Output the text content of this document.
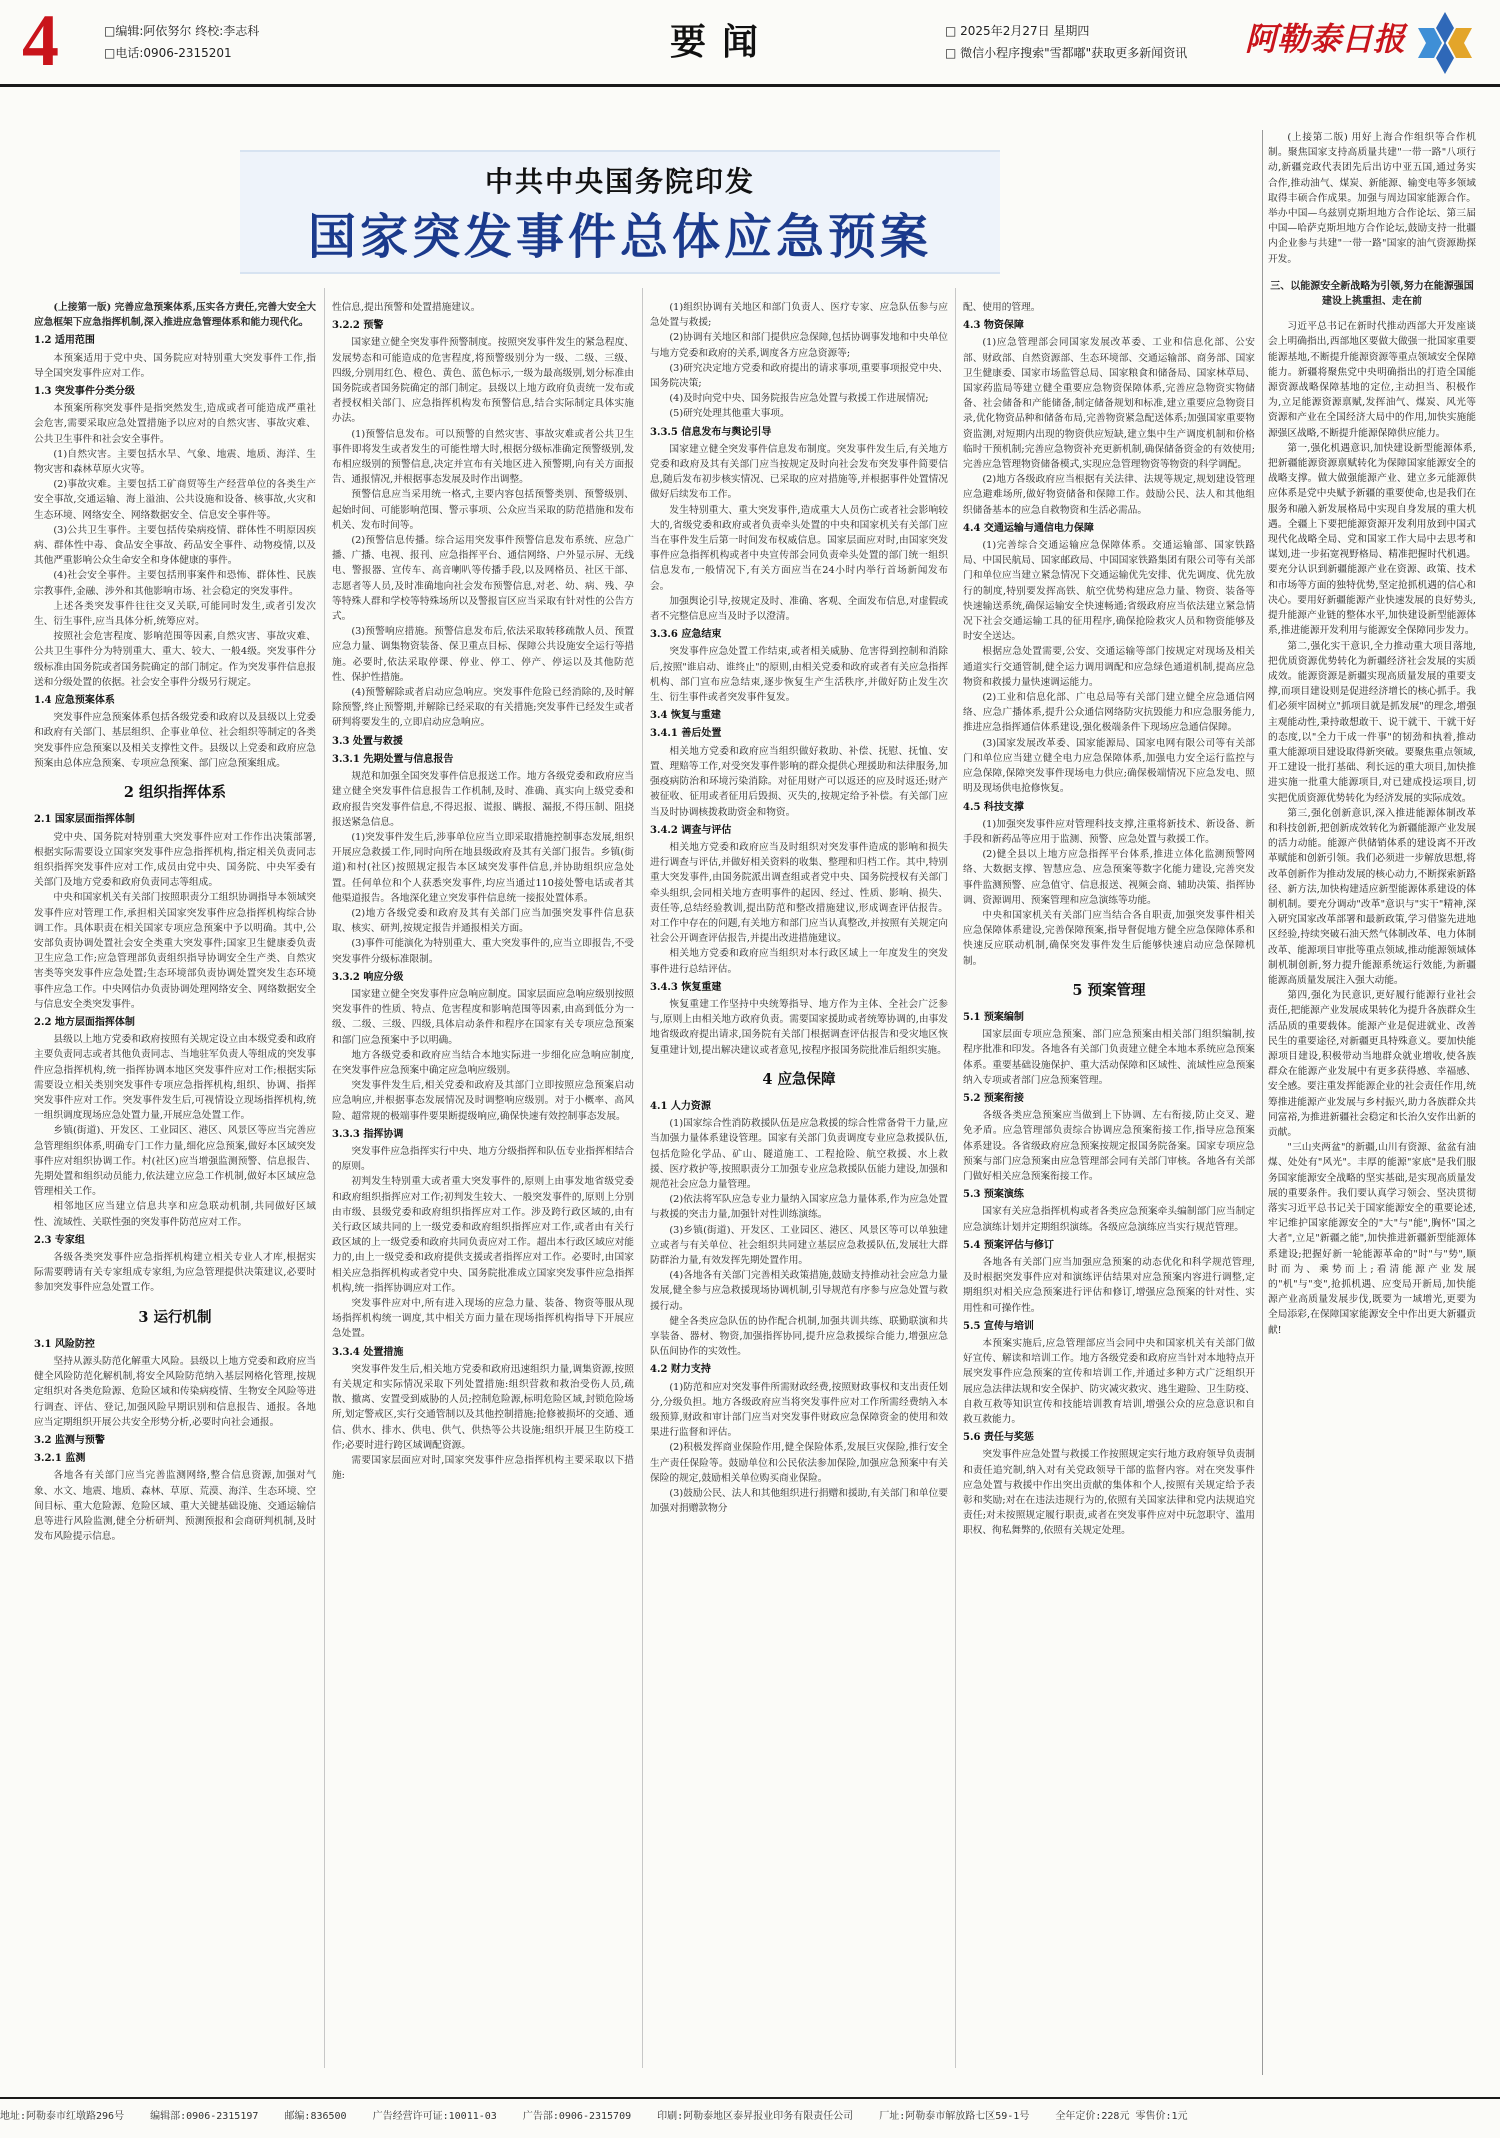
4	□编辑:阿依努尔 终校:李志科
□电话:0906-2315201	要闻	□ 2025年2月27日 星期四
□ 微信小程序搜索"雪都嘟"获取更多新闻资讯 阿勒泰日报
中共中央国务院印发
国家突发事件总体应急预案

(上接第一版) 完善应急预案体系,压实各方责任,完善大安全大应急框架下应急指挥机制,深入推进应急管理体系和能力现代化。

1.2 适用范围

本预案适用于党中央、国务院应对特别重大突发事件工作,指导全国突发事件应对工作。

1.3 突发事件分类分级

本预案所称突发事件是指突然发生,造成或者可能造成严重社会危害,需要采取应急处置措施予以应对的自然灾害、事故灾难、公共卫生事件和社会安全事件。

(1)自然灾害。主要包括水旱、气象、地震、地质、海洋、生物灾害和森林草原火灾等。

(2)事故灾难。主要包括工矿商贸等生产经营单位的各类生产安全事故,交通运输、海上溢油、公共设施和设备、核事故,火灾和生态环境、网络安全、网络数据安全、信息安全事件等。

(3)公共卫生事件。主要包括传染病疫情、群体性不明原因疾病、群体性中毒、食品安全事故、药品安全事件、动物疫情,以及其他严重影响公众生命安全和身体健康的事件。

(4)社会安全事件。主要包括刑事案件和恐怖、群体性、民族宗教事件,金融、涉外和其他影响市场、社会稳定的突发事件。

上述各类突发事件往往交叉关联,可能同时发生,或者引发次生、衍生事件,应当具体分析,统筹应对。

按照社会危害程度、影响范围等因素,自然灾害、事故灾难、公共卫生事件分为特别重大、重大、较大、一般4级。突发事件分级标准由国务院或者国务院确定的部门制定。作为突发事件信息报送和分级处置的依据。社会安全事件分级另行规定。

1.4 应急预案体系

突发事件应急预案体系包括各级党委和政府以及县级以上党委和政府有关部门、基层组织、企事业单位、社会组织等制定的各类突发事件应急预案以及相关支撑性文件。县级以上党委和政府应急预案由总体应急预案、专项应急预案、部门应急预案组成。

2 组织指挥体系
2.1 国家层面指挥体制

党中央、国务院对特别重大突发事件应对工作作出决策部署,根据实际需要设立国家突发事件应急指挥机构,指定相关负责同志组织指挥突发事件应对工作,成员由党中央、国务院、中央军委有关部门及地方党委和政府负责同志等组成。

中央和国家机关有关部门按照职责分工组织协调指导本领域突发事件应对管理工作,承担相关国家突发事件应急指挥机构综合协调工作。具体职责在相关国家专项应急预案中予以明确。其中,公安部负责协调处置社会安全类重大突发事件;国家卫生健康委负责卫生应急工作;应急管理部负责组织指导协调安全生产类、自然灾害类等突发事件应急处置;生态环境部负责协调处置突发生态环境事件应急工作。中央网信办负责协调处理网络安全、网络数据安全与信息安全类突发事件。

2.2 地方层面指挥体制

县级以上地方党委和政府按照有关规定设立由本级党委和政府主要负责同志或者其他负责同志、当地驻军负责人等组成的突发事件应急指挥机构,统一指挥协调本地区突发事件应对工作;根据实际需要设立相关类别突发事件专项应急指挥机构,组织、协调、指挥突发事件应对工作。突发事件发生后,可视情设立现场指挥机构,统一组织调度现场应急处置力量,开展应急处置工作。

乡镇(街道)、开发区、工业园区、港区、风景区等应当完善应急管理组织体系,明确专门工作力量,细化应急预案,做好本区域突发事件应对组织协调工作。村(社区)应当增强监测预警、信息报告、先期处置和组织动员能力,依法建立应急工作机制,做好本区域应急管理相关工作。

相邻地区应当建立信息共享和应急联动机制,共同做好区域性、流域性、关联性强的突发事件防范应对工作。

2.3 专家组

各级各类突发事件应急指挥机构建立相关专业人才库,根据实际需要聘请有关专家组成专家组,为应急管理提供决策建议,必要时参加突发事件应急处置工作。

3 运行机制
3.1 风险防控

坚持从源头防范化解重大风险。县级以上地方党委和政府应当健全风险防范化解机制,将安全风险防范纳入基层网格化管理,按规定组织对各类危险源、危险区域和传染病疫情、生物安全风险等进行调查、评估、登记,加强风险早期识别和信息报告、通报。各地应当定期组织开展公共安全形势分析,必要时向社会通报。

3.2 监测与预警
3.2.1 监测

各地各有关部门应当完善监测网络,整合信息资源,加强对气象、水文、地震、地质、森林、草原、荒漠、海洋、生态环境、空间目标、重大危险源、危险区域、重大关键基础设施、交通运输信息等进行风险监测,健全分析研判、预测预报和会商研判机制,及时发布风险提示信息。

性信息,提出预警和处置措施建议。

3.2.2 预警

国家建立健全突发事件预警制度。按照突发事件发生的紧急程度、发展势态和可能造成的危害程度,将预警级别分为一级、二级、三级、四级,分别用红色、橙色、黄色、蓝色标示,一级为最高级别,划分标准由国务院或者国务院确定的部门制定。县级以上地方政府负责统一发布或者授权相关部门、应急指挥机构发布预警信息,结合实际制定具体实施办法。

(1)预警信息发布。可以预警的自然灾害、事故灾难或者公共卫生事件即将发生或者发生的可能性增大时,根据分级标准确定预警级别,发布相应级别的预警信息,决定并宣布有关地区进入预警期,向有关方面报告、通报情况,并根据事态发展及时作出调整。

预警信息应当采用统一格式,主要内容包括预警类别、预警级别、起始时间、可能影响范围、警示事项、公众应当采取的防范措施和发布机关、发布时间等。

(2)预警信息传播。综合运用突发事件预警信息发布系统、应急广播、广播、电视、报刊、应急指挥平台、通信网络、户外显示屏、无线电、警报器、宣传车、高音喇叭等传播手段,以及网格员、社区干部、志愿者等人员,及时准确地向社会发布预警信息,对老、幼、病、残、孕等特殊人群和学校等特殊场所以及警报盲区应当采取有针对性的公告方式。

(3)预警响应措施。预警信息发布后,依法采取转移疏散人员、预置应急力量、调集物资装备、保卫重点目标、保障公共设施安全运行等措施。必要时,依法采取停课、停业、停工、停产、停运以及其他防范性、保护性措施。

(4)预警解除或者启动应急响应。突发事件危险已经消除的,及时解除预警,终止预警期,并解除已经采取的有关措施;突发事件已经发生或者研判将要发生的,立即启动应急响应。

3.3 处置与救援
3.3.1 先期处置与信息报告

规范和加强全国突发事件信息报送工作。地方各级党委和政府应当建立健全突发事件信息报告工作机制,及时、准确、真实向上级党委和政府报告突发事件信息,不得迟报、谎报、瞒报、漏报,不得压制、阻挠报送紧急信息。

(1)突发事件发生后,涉事单位应当立即采取措施控制事态发展,组织开展应急救援工作,同时向所在地县级政府及其有关部门报告。乡镇(街道)和村(社区)按照规定报告本区域突发事件信息,并协助组织应急处置。任何单位和个人获悉突发事件,均应当通过110接处警电话或者其他渠道报告。各地深化建立突发事件信息统一接报处置体系。

(2)地方各级党委和政府及其有关部门应当加强突发事件信息获取、核实、研判,按规定报告并通报相关方面。

(3)事件可能演化为特别重大、重大突发事件的,应当立即报告,不受突发事件分级标准限制。

3.3.2 响应分级

国家建立健全突发事件应急响应制度。国家层面应急响应级别按照突发事件的性质、特点、危害程度和影响范围等因素,由高到低分为一级、二级、三级、四级,具体启动条件和程序在国家有关专项应急预案和部门应急预案中予以明确。

地方各级党委和政府应当结合本地实际进一步细化应急响应制度,在突发事件应急预案中确定应急响应级别。

突发事件发生后,相关党委和政府及其部门立即按照应急预案启动应急响应,并根据事态发展情况及时调整响应级别。对于小概率、高风险、超常规的极端事件要果断提级响应,确保快速有效控制事态发展。

3.3.3 指挥协调

突发事件应急指挥实行中央、地方分级指挥和队伍专业指挥相结合的原则。

初判发生特别重大或者重大突发事件的,原则上由事发地省级党委和政府组织指挥应对工作;初判发生较大、一般突发事件的,原则上分别由市级、县级党委和政府组织指挥应对工作。涉及跨行政区域的,由有关行政区域共同的上一级党委和政府组织指挥应对工作,或者由有关行政区域的上一级党委和政府共同负责应对工作。超出本行政区域应对能力的,由上一级党委和政府提供支援或者指挥应对工作。必要时,由国家相关应急指挥机构或者党中央、国务院批准成立国家突发事件应急指挥机构,统一指挥协调应对工作。

突发事件应对中,所有进入现场的应急力量、装备、物资等服从现场指挥机构统一调度,其中相关方面力量在现场指挥机构指导下开展应急处置。

3.3.4 处置措施

突发事件发生后,相关地方党委和政府迅速组织力量,调集资源,按照有关规定和实际情况采取下列处置措施:组织营救和救治受伤人员,疏散、撤离、安置受到威胁的人员;控制危险源,标明危险区域,封锁危险场所,划定警戒区,实行交通管制以及其他控制措施;抢修被损坏的交通、通信、供水、排水、供电、供气、供热等公共设施;组织开展卫生防疫工作;必要时进行跨区域调配资源。

需要国家层面应对时,国家突发事件应急指挥机构主要采取以下措施:

(1)组织协调有关地区和部门负责人、医疗专家、应急队伍参与应急处置与救援;

(2)协调有关地区和部门提供应急保障,包括协调事发地和中央单位与地方党委和政府的关系,调度各方应急资源等;

(3)研究决定地方党委和政府提出的请求事项,重要事项报党中央、国务院决策;

(4)及时向党中央、国务院报告应急处置与救援工作进展情况;

(5)研究处理其他重大事项。

3.3.5 信息发布与舆论引导

国家建立健全突发事件信息发布制度。突发事件发生后,有关地方党委和政府及其有关部门应当按规定及时向社会发布突发事件简要信息,随后发布初步核实情况、已采取的应对措施等,并根据事件处置情况做好后续发布工作。

发生特别重大、重大突发事件,造成重大人员伤亡或者社会影响较大的,省级党委和政府或者负责牵头处置的中央和国家机关有关部门应当在事件发生后第一时间发布权威信息。国家层面应对时,由国家突发事件应急指挥机构或者中央宣传部会同负责牵头处置的部门统一组织信息发布,一般情况下,有关方面应当在24小时内举行首场新闻发布会。

加强舆论引导,按规定及时、准确、客观、全面发布信息,对虚假或者不完整信息应当及时予以澄清。

3.3.6 应急结束

突发事件应急处置工作结束,或者相关威胁、危害得到控制和消除后,按照"谁启动、谁终止"的原则,由相关党委和政府或者有关应急指挥机构、部门宣布应急结束,逐步恢复生产生活秩序,并做好防止发生次生、衍生事件或者突发事件复发。

3.4 恢复与重建
3.4.1 善后处置

相关地方党委和政府应当组织做好救助、补偿、抚慰、抚恤、安置、理赔等工作,对受突发事件影响的群众提供心理援助和法律服务,加强疫病防治和环境污染消除。对征用财产可以返还的应及时返还;财产被征收、征用或者征用后毁损、灭失的,按规定给予补偿。有关部门应当及时协调核拨救助资金和物资。

3.4.2 调查与评估

相关地方党委和政府应当及时组织对突发事件造成的影响和损失进行调查与评估,并做好相关资料的收集、整理和归档工作。其中,特别重大突发事件,由国务院派出调查组或者党中央、国务院授权有关部门牵头组织,会同相关地方查明事件的起因、经过、性质、影响、损失、责任等,总结经验教训,提出防范和整改措施建议,形成调查评估报告。对工作中存在的问题,有关地方和部门应当认真整改,并按照有关规定向社会公开调查评估报告,并提出改进措施建议。

相关地方党委和政府应当组织对本行政区域上一年度发生的突发事件进行总结评估。

3.4.3 恢复重建

恢复重建工作坚持中央统筹指导、地方作为主体、全社会广泛参与,原则上由相关地方政府负责。需要国家援助或者统筹协调的,由事发地省级政府提出请求,国务院有关部门根据调查评估报告和受灾地区恢复重建计划,提出解决建议或者意见,按程序报国务院批准后组织实施。

4 应急保障
4.1 人力资源

(1)国家综合性消防救援队伍是应急救援的综合性常备骨干力量,应当加强力量体系建设管理。国家有关部门负责调度专业应急救援队伍,包括危险化学品、矿山、隧道施工、工程抢险、航空救援、水上救援、医疗救护等,按照职责分工加强专业应急救援队伍能力建设,加强和规范社会应急力量管理。

(2)依法将军队应急专业力量纳入国家应急力量体系,作为应急处置与救援的突击力量,加强针对性训练演练。

(3)乡镇(街道)、开发区、工业园区、港区、风景区等可以单独建立或者与有关单位、社会组织共同建立基层应急救援队伍,发展壮大群防群治力量,有效发挥先期处置作用。

(4)各地各有关部门完善相关政策措施,鼓励支持推动社会应急力量发展,健全参与应急救援现场协调机制,引导规范有序参与应急处置与救援行动。

健全各类应急队伍的协作配合机制,加强共训共练、联勤联演和共享装备、器材、物资,加强指挥协同,提升应急救援综合能力,增强应急队伍间协作的实效性。

4.2 财力支持

(1)防范和应对突发事件所需财政经费,按照财政事权和支出责任划分,分级负担。地方各级政府应当将突发事件应对工作所需经费纳入本级预算,财政和审计部门应当对突发事件财政应急保障资金的使用和效果进行监督和评估。

(2)积极发挥商业保险作用,健全保险体系,发展巨灾保险,推行安全生产责任保险等。鼓励单位和公民依法参加保险,加强应急预案中有关保险的规定,鼓励相关单位购买商业保险。

(3)鼓励公民、法人和其他组织进行捐赠和援助,有关部门和单位要加强对捐赠款物分

配、使用的管理。

4.3 物资保障

(1)应急管理部会同国家发展改革委、工业和信息化部、公安部、财政部、自然资源部、生态环境部、交通运输部、商务部、国家卫生健康委、国家市场监管总局、国家粮食和储备局、国家林草局、国家药监局等建立健全重要应急物资保障体系,完善应急物资实物储备、社会储备和产能储备,制定储备规划和标准,建立重要应急物资目录,优化物资品种和储备布局,完善物资紧急配送体系;加强国家重要物资监测,对短期内出现的物资供应短缺,建立集中生产调度机制和价格临时干预机制;完善应急物资补充更新机制,确保储备资金的有效使用;完善应急管理物资储备模式,实现应急管理物资等物资的科学调配。

(2)地方各级政府应当根据有关法律、法规等规定,规划建设管理应急避难场所,做好物资储备和保障工作。鼓励公民、法人和其他组织储备基本的应急自救物资和生活必需品。

4.4 交通运输与通信电力保障

(1)完善综合交通运输应急保障体系。交通运输部、国家铁路局、中国民航局、国家邮政局、中国国家铁路集团有限公司等有关部门和单位应当建立紧急情况下交通运输优先安排、优先调度、优先放行的制度,特别要发挥高铁、航空优势构建应急力量、物资、装备等快速输送系统,确保运输安全快速畅通;省级政府应当依法建立紧急情况下社会交通运输工具的征用程序,确保抢险救灾人员和物资能够及时安全送达。

根据应急处置需要,公安、交通运输等部门按规定对现场及相关通道实行交通管制,健全运力调用调配和应急绿色通道机制,提高应急物资和救援力量快速调运能力。

(2)工业和信息化部、广电总局等有关部门建立健全应急通信网络、应急广播体系,提升公众通信网络防灾抗毁能力和应急服务能力,推进应急指挥通信体系建设,强化极端条件下现场应急通信保障。

(3)国家发展改革委、国家能源局、国家电网有限公司等有关部门和单位应当建立健全电力应急保障体系,加强电力安全运行监控与应急保障,保障突发事件现场电力供应;确保极端情况下应急发电、照明及现场供电抢修恢复。

4.5 科技支撑

(1)加强突发事件应对管理科技支撑,注重将新技术、新设备、新手段和新药品等应用于监测、预警、应急处置与救援工作。

(2)健全县以上地方应急指挥平台体系,推进立体化监测预警网络、大数据支撑、智慧应急、应急预案等数字化能力建设,完善突发事件监测预警、应急值守、信息报送、视频会商、辅助决策、指挥协调、资源调用、预案管理和应急演练等功能。

中央和国家机关有关部门应当结合各自职责,加强突发事件相关应急保障体系建设,完善保障预案,指导督促地方健全应急保障体系和快速反应联动机制,确保突发事件发生后能够快速启动应急保障机制。

5 预案管理
5.1 预案编制

国家层面专项应急预案、部门应急预案由相关部门组织编制,按程序批准和印发。各地各有关部门负责建立健全本地本系统应急预案体系。重要基础设施保护、重大活动保障和区域性、流域性应急预案纳入专项或者部门应急预案管理。

5.2 预案衔接

各级各类应急预案应当做到上下协调、左右衔接,防止交叉、避免矛盾。应急管理部负责综合协调应急预案衔接工作,指导应急预案体系建设。各省级政府应急预案按规定报国务院备案。国家专项应急预案与部门应急预案由应急管理部会同有关部门审核。各地各有关部门做好相关应急预案衔接工作。

5.3 预案演练

国家有关应急指挥机构或者各类应急预案牵头编制部门应当制定应急演练计划并定期组织演练。各级应急演练应当实行规范管理。

5.4 预案评估与修订

各地各有关部门应当加强应急预案的动态优化和科学规范管理,及时根据突发事件应对和演练评估结果对应急预案内容进行调整,定期组织对相关应急预案进行评估和修订,增强应急预案的针对性、实用性和可操作性。

5.5 宣传与培训

本预案实施后,应急管理部应当会同中央和国家机关有关部门做好宣传、解读和培训工作。地方各级党委和政府应当针对本地特点开展突发事件应急预案的宣传和培训工作,并通过多种方式广泛组织开展应急法律法规和安全保护、防灾减灾救灾、逃生避险、卫生防疫、自救互救等知识宣传和技能培训教育培训,增强公众的应急意识和自救互救能力。

5.6 责任与奖惩

突发事件应急处置与救援工作按照规定实行地方政府领导负责制和责任追究制,纳入对有关党政领导干部的监督内容。对在突发事件应急处置与救援中作出突出贡献的集体和个人,按照有关规定给予表彰和奖励;对在在违法违规行为的,依照有关国家法律和党内法规追究责任;对未按照规定履行职责,或者在突发事件应对中玩忽职守、滥用职权、徇私舞弊的,依照有关规定处理。

(上接第二版) 用好上海合作组织等合作机制。聚焦国家支持高质量共建"一带一路"八项行动,新疆竞政代表团先后出访中亚五国,通过务实合作,推动油气、煤炭、新能源、输变电等多领域取得丰硕合作成果。加强与周边国家能源合作。举办中国—乌兹别克斯坦地方合作论坛、第三届中国—哈萨克斯坦地方合作论坛,鼓励支持一批疆内企业参与共建"一带一路"国家的油气资源勘探开发。

三、以能源安全新战略为引领,努力在能源强国建设上挑重担、走在前

习近平总书记在新时代推动西部大开发座谈会上明确指出,西部地区要做大做强一批国家重要能源基地,不断提升能源资源等重点领域安全保障能力。新疆将聚焦党中央明确指出的打造全国能源资源战略保障基地的定位,主动担当、积极作为,立足能源资源禀赋,发挥油气、煤炭、风光等资源和产业在全国经济大局中的作用,加快实施能源强区战略,不断提升能源保障供应能力。

第一,强化机遇意识,加快建设新型能源体系,把新疆能源资源禀赋转化为保障国家能源安全的战略支撑。做大做强能源产业、建立多元能源供应体系是党中央赋予新疆的重要使命,也是我们在服务和融入新发展格局中实现自身发展的重大机遇。全疆上下要把能源资源开发利用放到中国式现代化战略全局、党和国家工作大局中去思考和谋划,进一步拓宽视野格局、精准把握时代机遇。要充分认识到新疆能源产业在资源、政策、技术和市场等方面的独特优势,坚定抢抓机遇的信心和决心。要用好新疆能源产业快速发展的良好势头,提升能源产业链的整体水平,加快建设新型能源体系,推进能源开发利用与能源安全保障同步发力。

第二,强化实干意识,全力推动重大项目落地,把优质资源优势转化为新疆经济社会发展的实质成效。能源资源是新疆实现高质量发展的重要支撑,而项目建设则是促进经济增长的核心抓手。我们必须牢固树立"抓项目就是抓发展"的理念,增强主观能动性,秉持敢想敢干、说干就干、干就干好的态度,以"全力干成一件事"的韧劲和执着,推动重大能源项目建设取得新突破。要聚焦重点领域,开工建设一批打基础、利长远的重大项目,加快推进实施一批重大能源项目,对已建成投运项目,切实把优质资源优势转化为经济发展的实际成效。

第三,强化创新意识,深入推进能源体制改革和科技创新,把创新成效转化为新疆能源产业发展的活力动能。能源产供储销体系的建设离不开改革赋能和创新引领。我们必须进一步解放思想,将改革创新作为推动发展的核心动力,不断探索新路径、新方法,加快构建适应新型能源体系建设的体制机制。要充分调动"改革"意识与"实干"精神,深入研究国家改革部署和最新政策,学习借鉴先进地区经验,持续突破石油天然气体制改革、电力体制改革、能源项目审批等重点领域,推动能源领域体制机制创新,努力提升能源系统运行效能,为新疆能源高质量发展注入强大动能。

第四,强化为民意识,更好履行能源行业社会责任,把能源产业发展成果转化为提升各族群众生活品质的重要载体。能源产业是促进就业、改善民生的重要途径,对新疆更具特殊意义。要加快能源项目建设,积极带动当地群众就业增收,使各族群众在能源产业发展中有更多获得感、幸福感、安全感。要注重发挥能源企业的社会责任作用,统筹推进能源产业发展与乡村振兴,助力各族群众共同富裕,为推进新疆社会稳定和长治久安作出新的贡献。

"三山夹两盆"的新疆,山川有资源、盆盆有油煤、处处有"风光"。丰厚的能源"家底"是我们服务国家能源安全战略的坚实基础,是实现高质量发展的重要条件。我们要认真学习领会、坚决贯彻落实习近平总书记关于国家能源安全的重要论述,牢记维护国家能源安全的"大"与"能",胸怀"国之大者",立足"新疆之能",加快推进新疆新型能源体系建设;把握好新一轮能源革命的"时"与"势",顺时而为、乘势而上;看清能源产业发展的"机"与"变",抢抓机遇、应变局开新局,加快能源产业高质量发展步伐,既要为一域增光,更要为全局添彩,在保障国家能源安全中作出更大新疆贡献!

地址:阿勒泰市红墩路296号	编辑部:0906-2315197	邮编:836500	广告经营许可证:10011-03	广告部:0906-2315709	印刷:阿勒泰地区泰昇报业印务有限责任公司	厂址:阿勒泰市解放路七区59-1号	全年定价:228元 零售价:1元
